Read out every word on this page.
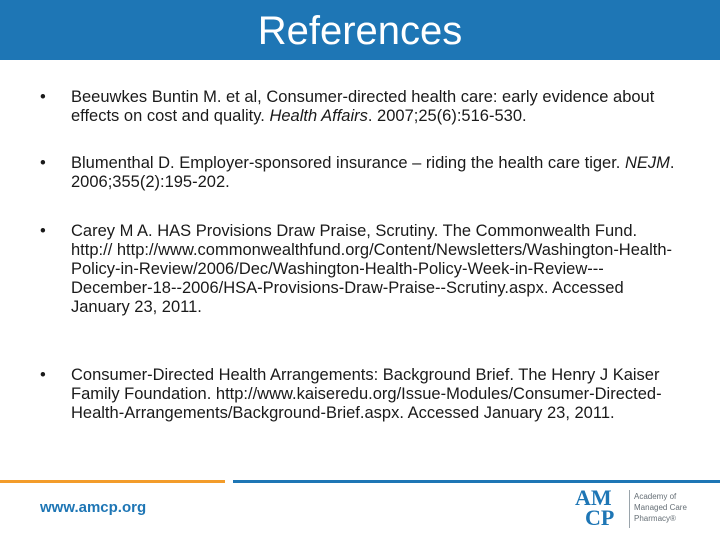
References
• Beeuwkes Buntin M. et al, Consumer-directed health care: early evidence about effects on cost and quality. Health Affairs. 2007;25(6):516-530.
• Blumenthal D. Employer-sponsored insurance – riding the health care tiger. NEJM. 2006;355(2):195-202.
• Carey M A. HAS Provisions Draw Praise, Scrutiny. The Commonwealth Fund. http:// http://www.commonwealthfund.org/Content/Newsletters/Washington-Health-Policy-in-Review/2006/Dec/Washington-Health-Policy-Week-in-Review---December-18--2006/HSA-Provisions-Draw-Praise--Scrutiny.aspx. Accessed January 23, 2011.
• Consumer-Directed Health Arrangements: Background Brief. The Henry J Kaiser Family Foundation. http://www.kaiseredu.org/Issue-Modules/Consumer-Directed-Health-Arrangements/Background-Brief.aspx. Accessed January 23, 2011.
www.amcp.org	AM
CP
Academy of
Managed Care
Pharmacy®
